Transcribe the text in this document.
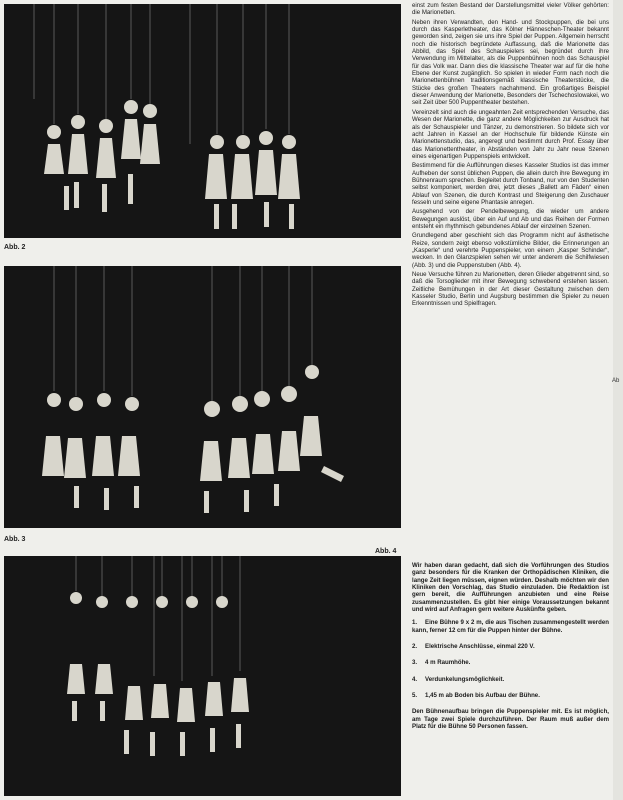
Abb. 2
Abb. 3
Abb. 4

einst zum festen Bestand der Darstellungsmittel vieler Völker gehörten: die Marionetten.

Neben ihren Verwandten, den Hand- und Stockpuppen, die bei uns durch das Kasperletheater, das Kölner Hänneschen-Theater bekannt geworden sind, zeigen sie uns ihre Spiel der Puppen. Allgemein herrscht noch die historisch begründete Auffassung, daß die Marionette das Abbild, das Spiel des Schauspielers sei, begründet durch ihre Verwendung im Mittelalter, als die Puppenbühnen noch das Schauspiel für das Volk war. Dann dies die klassische Theater war auf für die hohe Ebene der Kunst zugänglich. So spielen in wieder Form nach noch die Marionettenbühnen traditionsgemäß klassische Theaterstücke, die Stücke des großen Theaters nachahmend. Ein großartiges Beispiel dieser Anwendung der Marionette, Besonders der Tschechoslowakei, wo seit Zeit über 500 Puppentheater bestehen.

Vereinzelt sind auch die ungeahnten Zeit entsprechenden Versuche, das Wesen der Marionette, die ganz andere Möglichkeiten zur Ausdruck hat als der Schauspieler und Tänzer, zu demonstrieren. So bildete sich vor acht Jahren in Kassel an der Hochschule für bildende Künste ein Marionettenstudio, das, angeregt und bestimmt durch Prof. Essay über das Marionettentheater, in Abständen von Jahr zu Jahr neue Szenen eines eigenartigen Puppenspiels entwickelt.

Bestimmend für die Aufführungen dieses Kasseler Studios ist das immer Aufheben der sonst üblichen Puppen, die allein durch ihre Bewegung im Bühnenraum sprechen. Begleitet durch Tonband, nur von den Studenten selbst komponiert, werden drei, jetzt dieses „Ballett am Fäden“ einen Ablauf von Szenen, die durch Kontrast und Steigerung den Zuschauer fesseln und seine eigene Phantasie anregen.

Ausgehend von der Pendelbewegung, die wieder um andere Bewegungen auslöst, über ein Auf und Ab und das Reihen der Formen entsteht ein rhythmisch gebundenes Ablauf der einzelnen Szenen.

Grundlegend aber geschieht sich das Programm nicht auf ästhetische Reize, sondern zeigt ebenso volkstümliche Bilder, die Erinnerungen an „Kasperle“ und verehrte Puppenspieler, von einem „Kasper Schinder“, wecken. In den Glanzspielen sehen wir unter anderem die Schilfwiesen (Abb. 3) und die Puppenstuben (Abb. 4).

Neue Versuche führen zu Marionetten, deren Glieder abgetrennt sind, so daß die Torsoglieder mit ihrer Bewegung schwebend erstehen lassen. Zeitliche Bemühungen in der Art dieser Gestaltung zwischen dem Kasseler Studio, Berlin und Augsburg bestimmen die Spieler zu neuen Erkenntnissen und Spielfragen.

Wir haben daran gedacht, daß sich die Vorführungen des Studios ganz besonders für die Kranken der Orthopädischen Kliniken, die lange Zeit liegen müssen, eignen würden. Deshalb möchten wir den Kliniken den Vorschlag, das Studio einzuladen. Die Redaktion ist gern bereit, die Aufführungen anzubieten und eine Reise zusammenzustellen. Es gibt hier einige Voraussetzungen bekannt und wird auf Anfragen gern weitere Auskünfte geben.

1. Eine Bühne 9 x 2 m, die aus Tischen zusammengestellt werden kann, ferner 12 cm für die Puppen hinter der Bühne.
2. Elektrische Anschlüsse, einmal 220 V.
3. 4 m Raumhöhe.
4. Verdunkelungsmöglichkeit.
5. 1,45 m ab Boden bis Aufbau der Bühne.

Den Bühnenaufbau bringen die Puppenspieler mit. Es ist möglich, am Tage zwei Spiele durchzuführen. Der Raum muß außer dem Platz für die Bühne 50 Personen fassen.

Ab
